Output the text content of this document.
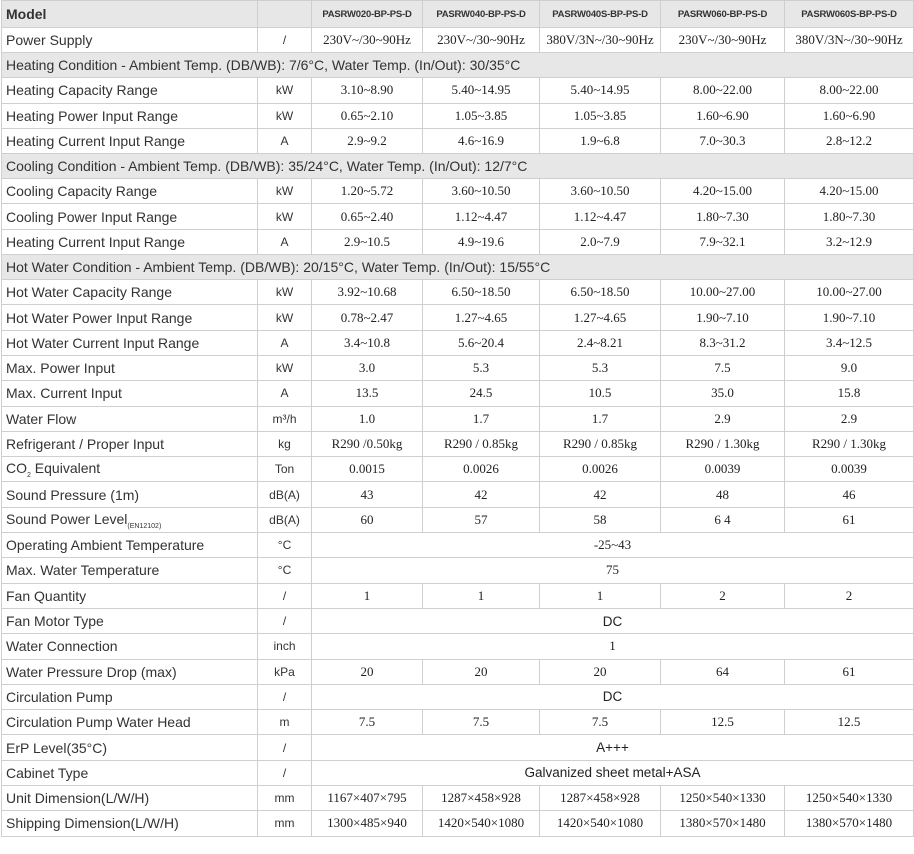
Model		PASRW020-BP-PS-D	PASRW040-BP-PS-D	PASRW040S-BP-PS-D	PASRW060-BP-PS-D	PASRW060S-BP-PS-D
Power Supply	/	230V~/30~90Hz	230V~/30~90Hz	380V/3N~/30~90Hz	230V~/30~90Hz	380V/3N~/30~90Hz
Heating Condition - Ambient Temp. (DB/WB): 7/6°C, Water Temp. (In/Out): 30/35°C						
Heating Capacity Range	kW	3.10~8.90	5.40~14.95	5.40~14.95	8.00~22.00	8.00~22.00
Heating Power Input Range	kW	0.65~2.10	1.05~3.85	1.05~3.85	1.60~6.90	1.60~6.90
Heating Current Input Range	A	2.9~9.2	4.6~16.9	1.9~6.8	7.0~30.3	2.8~12.2
Cooling Condition - Ambient Temp. (DB/WB): 35/24°C, Water Temp. (In/Out): 12/7°C						
Cooling Capacity Range	kW	1.20~5.72	3.60~10.50	3.60~10.50	4.20~15.00	4.20~15.00
Cooling Power Input Range	kW	0.65~2.40	1.12~4.47	1.12~4.47	1.80~7.30	1.80~7.30
Heating Current Input Range	A	2.9~10.5	4.9~19.6	2.0~7.9	7.9~32.1	3.2~12.9
Hot Water Condition - Ambient Temp. (DB/WB): 20/15°C, Water Temp. (In/Out): 15/55°C						
Hot Water Capacity Range	kW	3.92~10.68	6.50~18.50	6.50~18.50	10.00~27.00	10.00~27.00
Hot Water Power Input Range	kW	0.78~2.47	1.27~4.65	1.27~4.65	1.90~7.10	1.90~7.10
Hot Water Current Input Range	A	3.4~10.8	5.6~20.4	2.4~8.21	8.3~31.2	3.4~12.5
Max. Power Input	kW	3.0	5.3	5.3	7.5	9.0
Max. Current Input	A	13.5	24.5	10.5	35.0	15.8
Water Flow	m³/h	1.0	1.7	1.7	2.9	2.9
Refrigerant / Proper Input	kg	R290 /0.50kg	R290 / 0.85kg	R290 / 0.85kg	R290 / 1.30kg	R290 / 1.30kg
$CO_2$ Equivalent	Ton	0.0015	0.0026	0.0026	0.0039	0.0039
Sound Pressure (1m)	dB(A)	43	42	42	48	46
Sound Power Level$_{(EN12102)}$	dB(A)	60	57	58	6 4	61
Operating Ambient Temperature	°C	-25~43				
Max. Water Temperature	°C	75				
Fan Quantity	/	1	1	1	2	2
Fan Motor Type	/	DC				
Water Connection	inch	1				
Water Pressure Drop (max)	kPa	20	20	20	64	61
Circulation Pump	/	DC				
Circulation Pump Water Head	m	7.5	7.5	7.5	12.5	12.5
ErP Level(35°C)	/	A+++				
Cabinet Type	/	Galvanized sheet metal+ASA				
Unit Dimension(L/W/H)	mm	1167×407×795	1287×458×928	1287×458×928	1250×540×1330	1250×540×1330
Shipping Dimension(L/W/H)	mm	1300×485×940	1420×540×1080	1420×540×1080	1380×570×1480	1380×570×1480
